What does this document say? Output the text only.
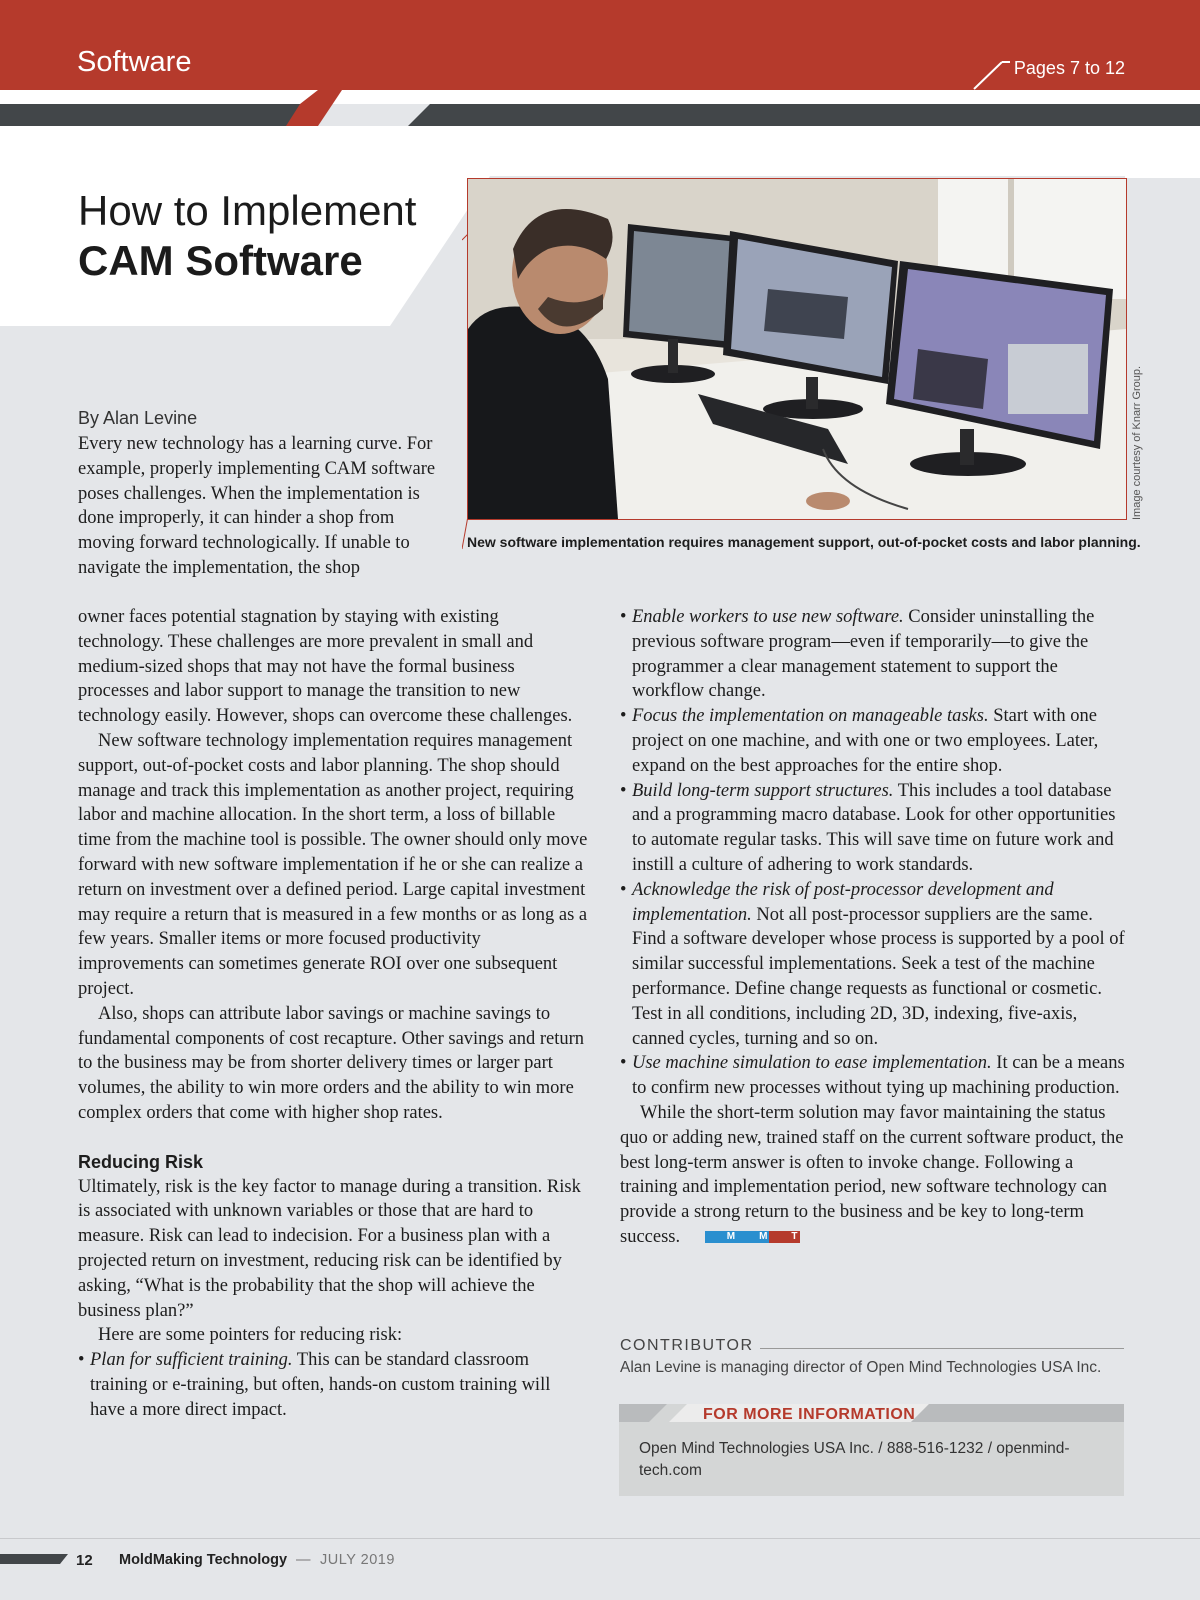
Software	Pages 7 to 12
How to Implement
CAM Software
New software implementation requires management support, out-of-pocket costs and labor planning.
Image courtesy of Knarr Group.
By Alan Levine
Every new technology has a learning curve. For example, properly implementing CAM software poses challenges. When the implementation is done improperly, it can hinder a shop from moving forward technologically. If unable to navigate the implementation, the shop

owner faces potential stagnation by staying with existing technology. These challenges are more prevalent in small and medium-sized shops that may not have the formal business processes and labor support to manage the transition to new technology easily. However, shops can overcome these challenges.

New software technology implementation requires management support, out-of-pocket costs and labor planning. The shop should manage and track this implementation as another project, requiring labor and machine allocation. In the short term, a loss of billable time from the machine tool is possible. The owner should only move forward with new software implementation if he or she can realize a return on investment over a defined period. Large capital investment may require a return that is measured in a few months or as long as a few years. Smaller items or more focused productivity improvements can sometimes generate ROI over one subsequent project.

Also, shops can attribute labor savings or machine savings to fundamental components of cost recapture. Other savings and return to the business may be from shorter delivery times or larger part volumes, the ability to win more orders and the ability to win more complex orders that come with higher shop rates.

Reducing Risk

Ultimately, risk is the key factor to manage during a transition. Risk is associated with unknown variables or those that are hard to measure. Risk can lead to indecision. For a business plan with a projected return on investment, reducing risk can be identified by asking, “What is the probability that the shop will achieve the business plan?”

Here are some pointers for reducing risk:

• Plan for sufficient training. This can be standard classroom training or e-training, but often, hands-on custom training will have a more direct impact.
• Enable workers to use new software. Consider uninstalling the previous software program—even if temporarily—to give the programmer a clear management statement to support the workflow change.
• Focus the implementation on manageable tasks. Start with one project on one machine, and with one or two employees. Later, expand on the best approaches for the entire shop.
• Build long-term support structures. This includes a tool database and a programming macro database. Look for other opportunities to automate regular tasks. This will save time on future work and instill a culture of adhering to work standards.
• Acknowledge the risk of post-processor development and implementation. Not all post-processor suppliers are the same. Find a software developer whose process is supported by a pool of similar successful implementations. Seek a test of the machine performance. Define change requests as functional or cosmetic. Test in all conditions, including 2D, 3D, indexing, five-axis, canned cycles, turning and so on.
• Use machine simulation to ease implementation. It can be a means to confirm new processes without tying up machining production.

While the short-term solution may favor maintaining the status quo or adding new, trained staff on the current software product, the best long-term answer is often to invoke change. Following a training and implementation period, new software technology can provide a strong return to the business and be key to long-term success.	M M T

CONTRIBUTOR
Alan Levine is managing director of Open Mind Technologies USA Inc.
FOR MORE INFORMATION
Open Mind Technologies USA Inc. / 888-516-1232 / openmind-tech.com
12 MoldMaking Technology — JULY 2019
